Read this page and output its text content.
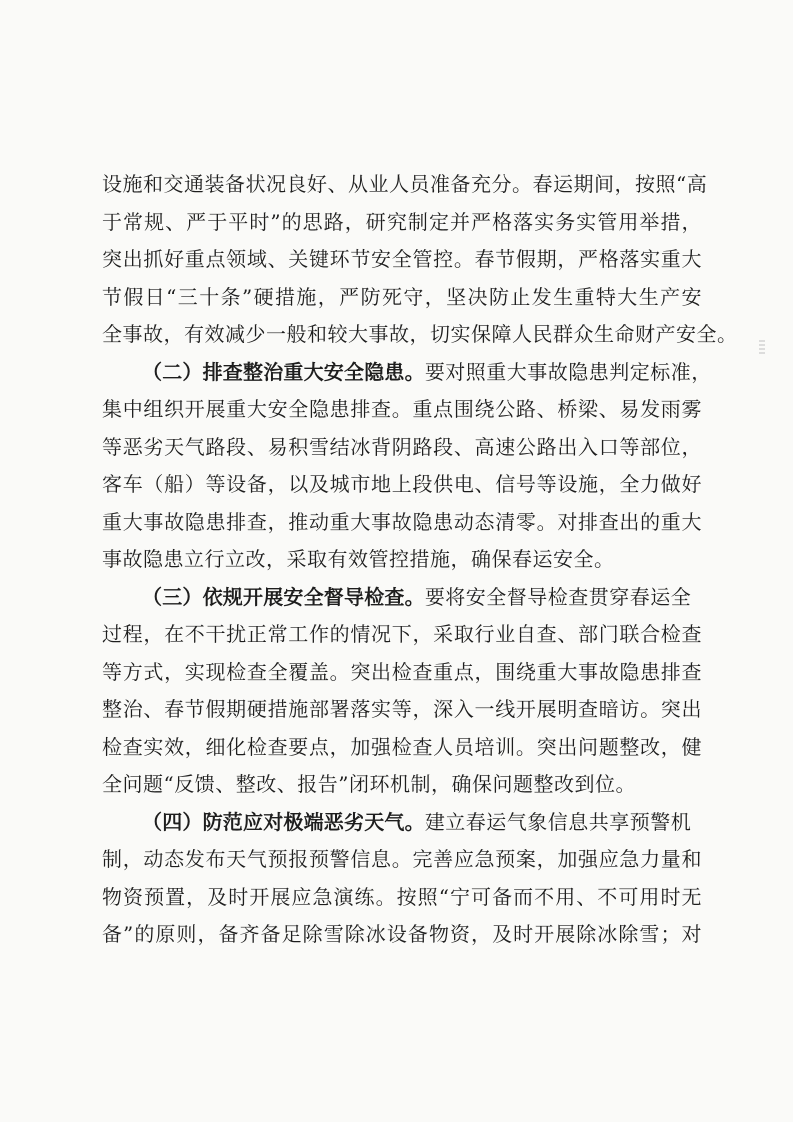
设施和交通装备状况良好、从业人员准备充分。春运期间，按照“高
于常规、严于平时”的思路，研究制定并严格落实务实管用举措，
突出抓好重点领域、关键环节安全管控。春节假期，严格落实重大
节假日“三十条”硬措施，严防死守，坚决防止发生重特大生产安
全事故，有效减少一般和较大事故，切实保障人民群众生命财产安全。
（二）排查整治重大安全隐患。要对照重大事故隐患判定标准，
集中组织开展重大安全隐患排查。重点围绕公路、桥梁、易发雨雾
等恶劣天气路段、易积雪结冰背阴路段、高速公路出入口等部位，
客车（船）等设备，以及城市地上段供电、信号等设施，全力做好
重大事故隐患排查，推动重大事故隐患动态清零。对排查出的重大
事故隐患立行立改，采取有效管控措施，确保春运安全。
（三）依规开展安全督导检查。要将安全督导检查贯穿春运全
过程，在不干扰正常工作的情况下，采取行业自查、部门联合检查
等方式，实现检查全覆盖。突出检查重点，围绕重大事故隐患排查
整治、春节假期硬措施部署落实等，深入一线开展明查暗访。突出
检查实效，细化检查要点，加强检查人员培训。突出问题整改，健
全问题“反馈、整改、报告”闭环机制，确保问题整改到位。
（四）防范应对极端恶劣天气。建立春运气象信息共享预警机
制，动态发布天气预报预警信息。完善应急预案，加强应急力量和
物资预置，及时开展应急演练。按照“宁可备而不用、不可用时无
备”的原则，备齐备足除雪除冰设备物资，及时开展除冰除雪；对
